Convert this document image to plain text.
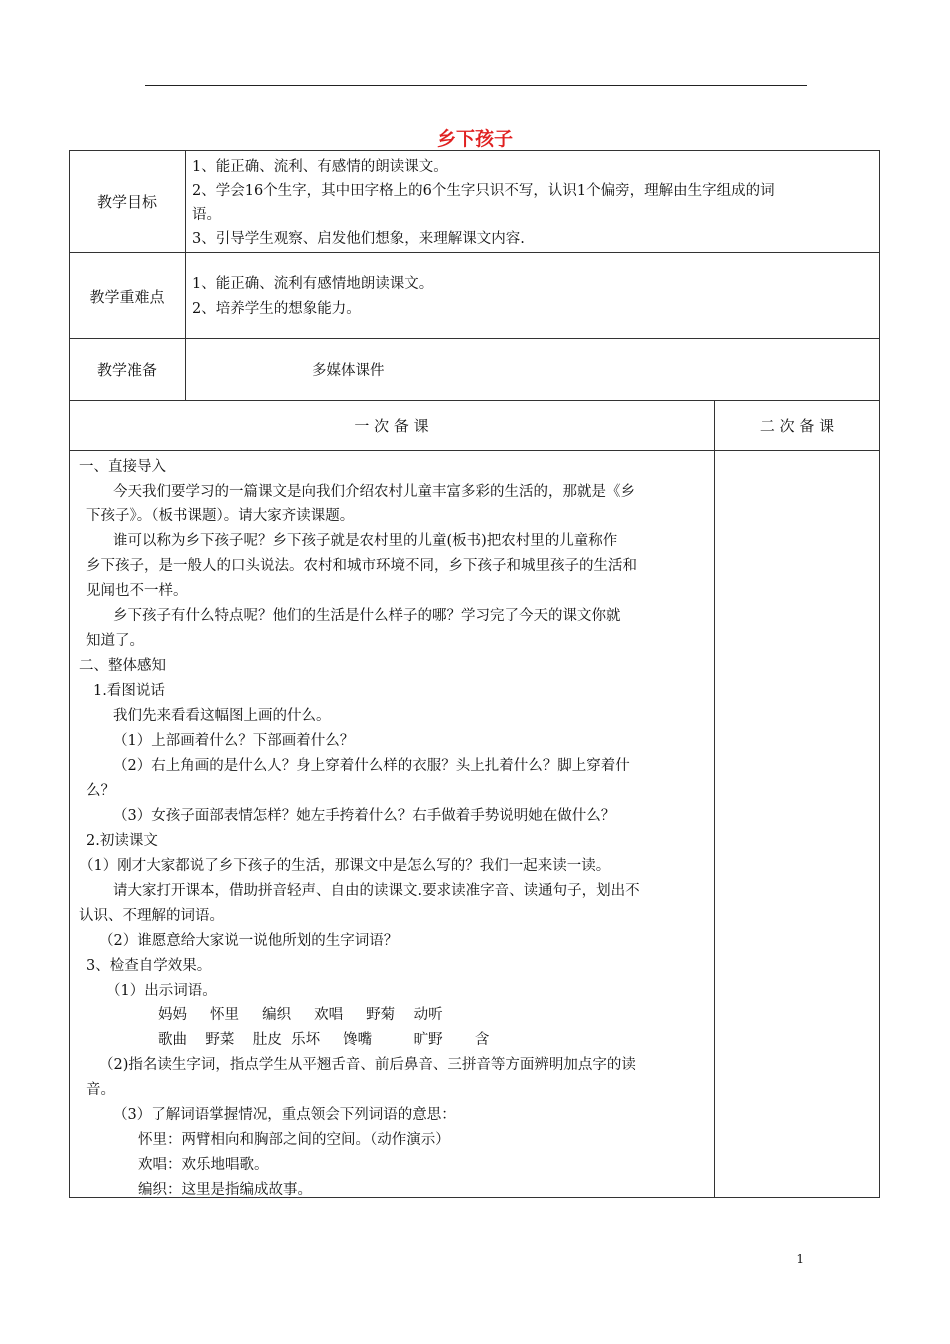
乡下孩子
教学目标
1、能正确、流利、有感情的朗读课文。
2、学会16个生字，其中田字格上的6个生字只识不写，认识1个偏旁，理解由生字组成的词
语。
3、引导学生观察、启发他们想象，来理解课文内容.
教学重难点
1、能正确、流利有感情地朗读课文。
2、培养学生的想象能力。
教学准备	多媒体课件
一 次 备 课	二 次 备 课
一、直接导入
今天我们要学习的一篇课文是向我们介绍农村儿童丰富多彩的生活的，那就是《乡
下孩子》。（板书课题）。请大家齐读课题。
谁可以称为乡下孩子呢？乡下孩子就是农村里的儿童(板书)把农村里的儿童称作
乡下孩子，是一般人的口头说法。农村和城市环境不同，乡下孩子和城里孩子的生活和
见闻也不一样。
乡下孩子有什么特点呢？他们的生活是什么样子的哪？学习完了今天的课文你就
知道了。
二、整体感知
1.看图说话
我们先来看看这幅图上画的什么。
（1）上部画着什么？下部画着什么？
（2）右上角画的是什么人？身上穿着什么样的衣服？头上扎着什么？脚上穿着什
么？
（3）女孩子面部表情怎样？她左手挎着什么？右手做着手势说明她在做什么？
2.初读课文
（1）刚才大家都说了乡下孩子的生活，那课文中是怎么写的？我们一起来读一读。
请大家打开课本，借助拼音轻声、自由的读课文.要求读准字音、读通句子，划出不
认识、不理解的词语。
（2）谁愿意给大家说一说他所划的生字词语？
3、检查自学效果。
（1）出示词语。
妈妈     怀里     编织     欢唱     野菊    动听
歌曲    野菜    肚皮  乐坏     馋嘴         旷野       含
（2)指名读生字词，指点学生从平翘舌音、前后鼻音、三拼音等方面辨明加点字的读
音。
（3）了解词语掌握情况，重点领会下列词语的意思：
怀里：两臂相向和胸部之间的空间。（动作演示）
欢唱：欢乐地唱歌。
编织：这里是指编成故事。
1
